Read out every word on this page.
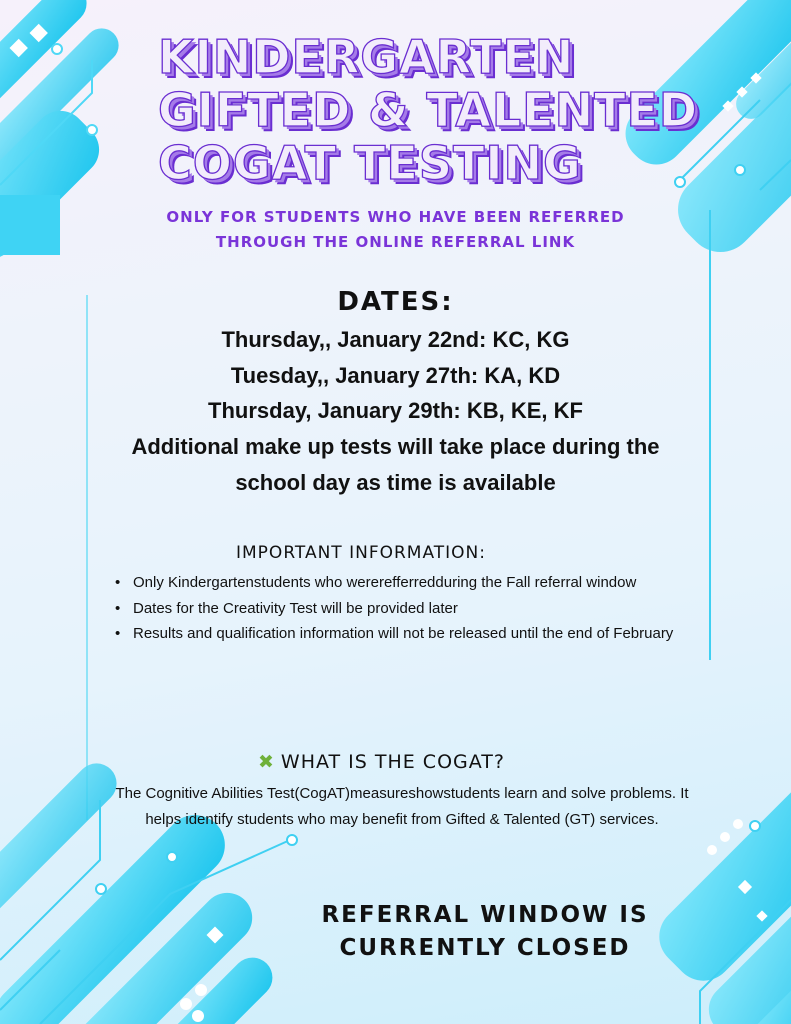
KINDERGARTEN
GIFTED & TALENTED
COGAT TESTING
ONLY FOR STUDENTS WHO HAVE BEEN REFERRED
THROUGH THE ONLINE REFERRAL LINK
DATES:
Thursday,, January 22nd: KC, KG
Tuesday,, January 27th: KA, KD
Thursday, January 29th: KB, KE, KF
Additional make up tests will take place during the
school day as time is available
IMPORTANT INFORMATION:
• Only Kindergartenstudents who wererefferredduring the Fall referral window
• Dates for the Creativity Test will be provided later
• Results and qualification information will not be released until the end of February
✖ WHAT IS THE COGAT?
The Cognitive Abilities Test(CogAT)measureshowstudents learn and solve problems. It helps identify students who may benefit from Gifted & Talented (GT) services.
REFERRAL WINDOW IS
CURRENTLY CLOSED
